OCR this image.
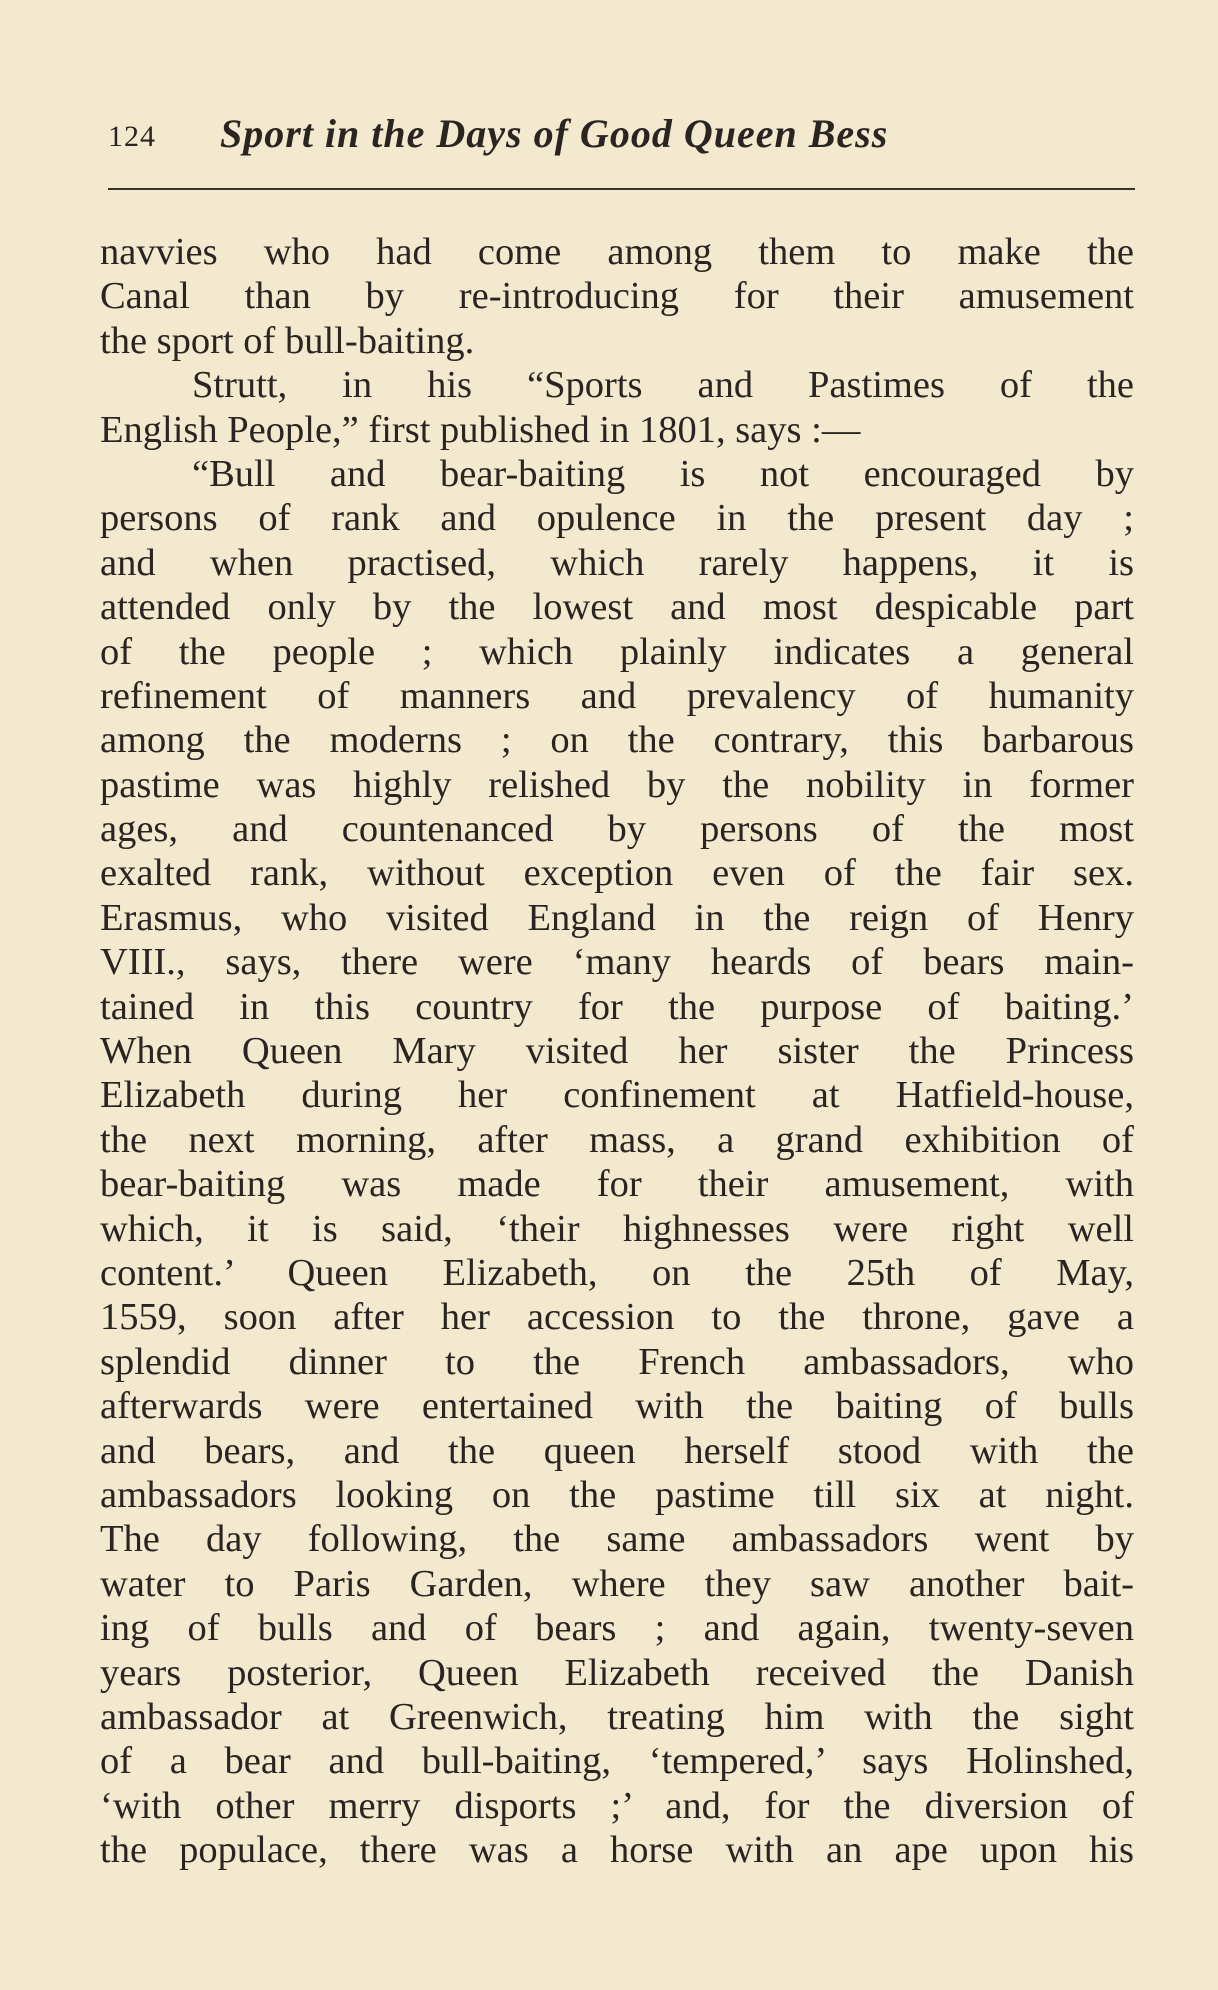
124 Sport in the Days of Good Queen Bess
navvies who had come among them to make the
Canal than by re-introducing for their amusement
the sport of bull-baiting.
Strutt, in his “Sports and Pastimes of the
English People,” first published in 1801, says :—
“Bull and bear-baiting is not encouraged by
persons of rank and opulence in the present day ;
and when practised, which rarely happens, it is
attended only by the lowest and most despicable part
of the people ; which plainly indicates a general
refinement of manners and prevalency of humanity
among the moderns ; on the contrary, this barbarous
pastime was highly relished by the nobility in former
ages, and countenanced by persons of the most
exalted rank, without exception even of the fair sex.
Erasmus, who visited England in the reign of Henry
VIII., says, there were ‘many heards of bears main-
tained in this country for the purpose of baiting.’
When Queen Mary visited her sister the Princess
Elizabeth during her confinement at Hatfield-house,
the next morning, after mass, a grand exhibition of
bear-baiting was made for their amusement, with
which, it is said, ‘their highnesses were right well
content.’ Queen Elizabeth, on the 25th of May,
1559, soon after her accession to the throne, gave a
splendid dinner to the French ambassadors, who
afterwards were entertained with the baiting of bulls
and bears, and the queen herself stood with the
ambassadors looking on the pastime till six at night.
The day following, the same ambassadors went by
water to Paris Garden, where they saw another bait-
ing of bulls and of bears ; and again, twenty-seven
years posterior, Queen Elizabeth received the Danish
ambassador at Greenwich, treating him with the sight
of a bear and bull-baiting, ‘tempered,’ says Holinshed,
‘with other merry disports ;’ and, for the diversion of
the populace, there was a horse with an ape upon his
